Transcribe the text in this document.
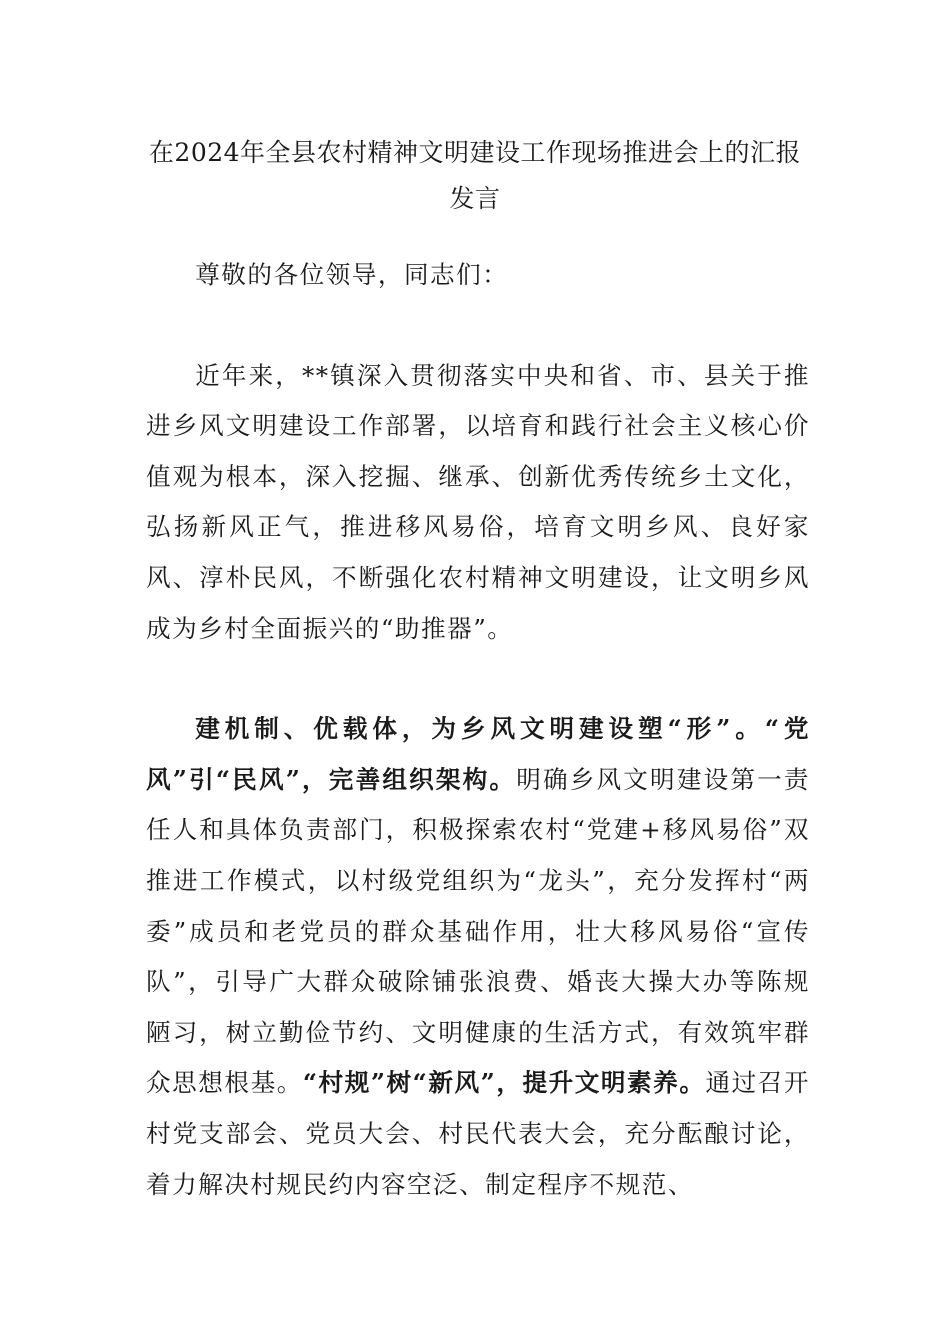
在2024年全县农村精神文明建设工作现场推进会上的汇报发言

尊敬的各位领导，同志们：

近年来，**镇深入贯彻落实中央和省、市、县关于推进乡风文明建设工作部署，以培育和践行社会主义核心价值观为根本，深入挖掘、继承、创新优秀传统乡土文化，弘扬新风正气，推进移风易俗，培育文明乡风、良好家风、淳朴民风，不断强化农村精神文明建设，让文明乡风成为乡村全面振兴的“助推器”。

建机制、优载体，为乡风文明建设塑“形”。“党风”引“民风”，完善组织架构。明确乡风文明建设第一责任人和具体负责部门，积极探索农村“党建+移风易俗”双推进工作模式，以村级党组织为“龙头”，充分发挥村“两委”成员和老党员的群众基础作用，壮大移风易俗“宣传队”，引导广大群众破除铺张浪费、婚丧大操大办等陈规陋习，树立勤俭节约、文明健康的生活方式，有效筑牢群众思想根基。“村规”树“新风”，提升文明素养。通过召开村党支部会、党员大会、村民代表大会，充分酝酿讨论，着力解决村规民约内容空泛、制定程序不规范、
